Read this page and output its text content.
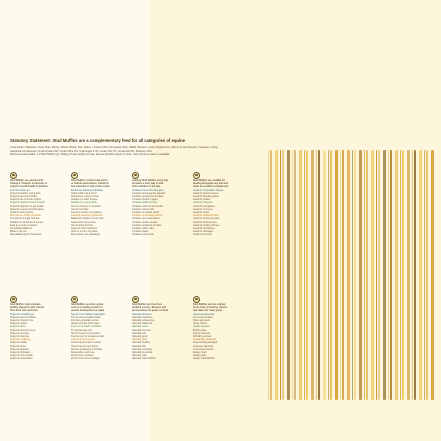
Statutory Statement: Stud Muffins are a complementary feed for all categories of equine
Composition: Molasses, Oats, Bran, Barley, Whole Wheat, Flax, Maize, Linseed (3%), Fenugreek (2%), Alfalfa, Brewer's yeast, Peppermint, Vitamin E, E2 Premium, Selenium 1.6mg
Analytical Constituents: Crude Protein 9%, Crude Fibre 6%, Total Sugar 17%, Crude Oils 7%, Crude Ash 8%, Moisture 12%
Recommended intake: 2-3 Stud Muffins per 100kg of body weight per day. Ensure plentiful supply of clean, fresh drinking water is available.
Stud Muffins are packed with
Omega 3, Vitamins & minerals to
support overall health & nutrition
from the inside out.
Supports healthy coat & skin.
Supports joints & mobility.
Supports the immune system.
Supports healthy hooves & teeth.
Supports digestion & gut health.
Supports energy & performance.
Great for fussy eaters.
Rich source of fibre & protein.
Low starch & sugar formula.
Suitable for all horses & ponies.
Ideal as a treat or reward.
No artificial additives.
Made in the UK.
Resealable bag for freshness.
Stud Muffins contain high levels
of natural antioxidants, vitamin E
and selenium to help protect cells.
Perfect for training & handling.
Helps build trust & bond.
Soft texture, easy to chew.
Suitable for older horses.
Suitable for young stock.
Feed by hand or in a bucket.
Can be fed daily.
Loved by horses everywhere.
Carefully selected ingredients.
Balanced nutrition in every bite.
Great taste horses love.
Non-heating formula.
Supports calm behaviour.
Store in a cool, dry place.
Best before: see packaging.
Feeding Stud Muffins every day
provides a tasty way to add
extra nutrition to the diet.
Contains linseed for Omega 3.
Contains fenugreek for appetite.
Contains peppermint for taste.
Contains brewer's yeast.
Contains alfalfa for fibre.
Contains vitamins & minerals.
Contains natural oils.
Contains no added starch.
Contains no artificial colours.
Contains no preservatives.
Contains quality cereals.
Contains molasses for taste.
Contains whole oats.
Contains barley.
Contains wheat bran.
Stud Muffins are suitable for
feeding alongside any diet and
make an excellent complement.
Great for competition horses.
Great for leisure horses.
Great for breeding stock.
Great for ponies.
Great for veterans.
Great for youngsters.
Great for recovery.
Great for travel.
Great for stabled horses.
Great for horses at grass.
Great for show horses.
Great for working horses.
Great for endurance.
Great for dressage.
Great for jumping.
Stud Muffins help maintain
healthy digestion with natural
fibre from oats and bran.
Supports a healthy gut.
Supports good condition.
Supports muscle tone.
Supports topline.
Supports shine.
Supports strong hooves.
Supports recovery.
Supports stamina.
Supports wellbeing.
Supports vitality.
Supports focus.
Supports appetite.
Supports hydration.
Supports bone health.
Supports metabolism.
Stud Muffins provide a great
source of quality protein for
muscle development & repair.
Feed 2-3 per 100kg bodyweight.
Do not exceed stated intake.
Introduce gradually to diet.
Always provide fresh water.
Keep out of reach of children.
For animal use only.
Not for human consumption.
Feed as part of a balanced diet.
Consult a vet if unsure.
Check bag for batch number.
Check bag for best before.
Recycle packaging if possible.
Reseal after each use.
Protect from moisture.
Protect from direct sunlight.
Stud Muffins are free from
artificial colours, flavours and
preservatives for peace of mind.
Naturally delicious.
Naturally nutritious.
Naturally wholesome.
Naturally balanced.
Naturally sweet.
Naturally crunchy.
Naturally soft.
Naturally good.
Naturally tasty.
Naturally healthy.
Naturally rich.
Naturally complete.
Naturally beneficial.
Naturally safe.
Naturally Stud Muffins.
Stud Muffins are the original
horse treat, trusted by owners
and riders for many years.
Award winning treat.
Vet recommended.
Rider approved.
Horse tested.
Quality assured.
British made.
Family business.
Ethically sourced.
Sustainably produced.
Responsibly packaged.
Customer favourite.
Loved since launch.
Always fresh.
Always tasty.
Always Stud Muffins.
